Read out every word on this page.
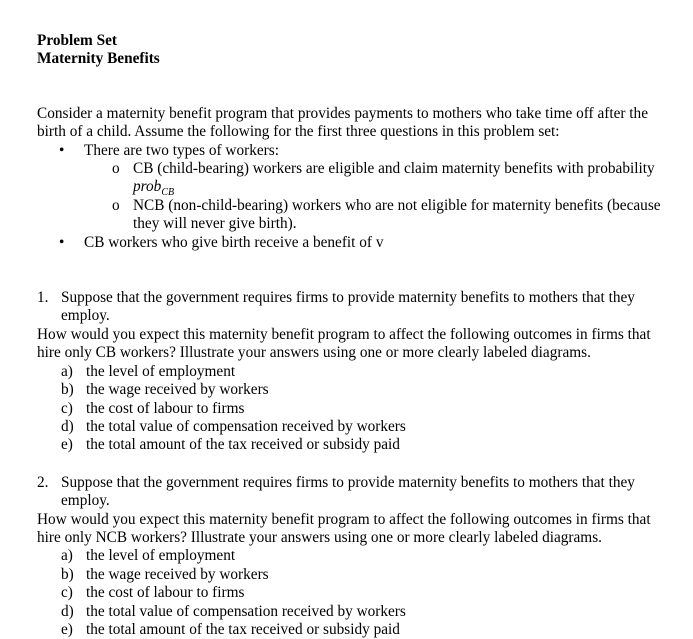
Problem Set

Maternity Benefits

Consider a maternity benefit program that provides payments to mothers who take time off after the birth of a child. Assume the following for the first three questions in this problem set:

• There are two types of workers:
o CB (child-bearing) workers are eligible and claim maternity benefits with probability prob$_{CB}$
o NCB (non-child-bearing) workers who are not eligible for maternity benefits (because they will never give birth).
• CB workers who give birth receive a benefit of v
1. Suppose that the government requires firms to provide maternity benefits to mothers that they employ.

How would you expect this maternity benefit program to affect the following outcomes in firms that hire only CB workers? Illustrate your answers using one or more clearly labeled diagrams.

a) the level of employment
b) the wage received by workers
c) the cost of labour to firms
d) the total value of compensation received by workers
e) the total amount of the tax received or subsidy paid
2. Suppose that the government requires firms to provide maternity benefits to mothers that they employ.

How would you expect this maternity benefit program to affect the following outcomes in firms that hire only NCB workers? Illustrate your answers using one or more clearly labeled diagrams.

a) the level of employment
b) the wage received by workers
c) the cost of labour to firms
d) the total value of compensation received by workers
e) the total amount of the tax received or subsidy paid
